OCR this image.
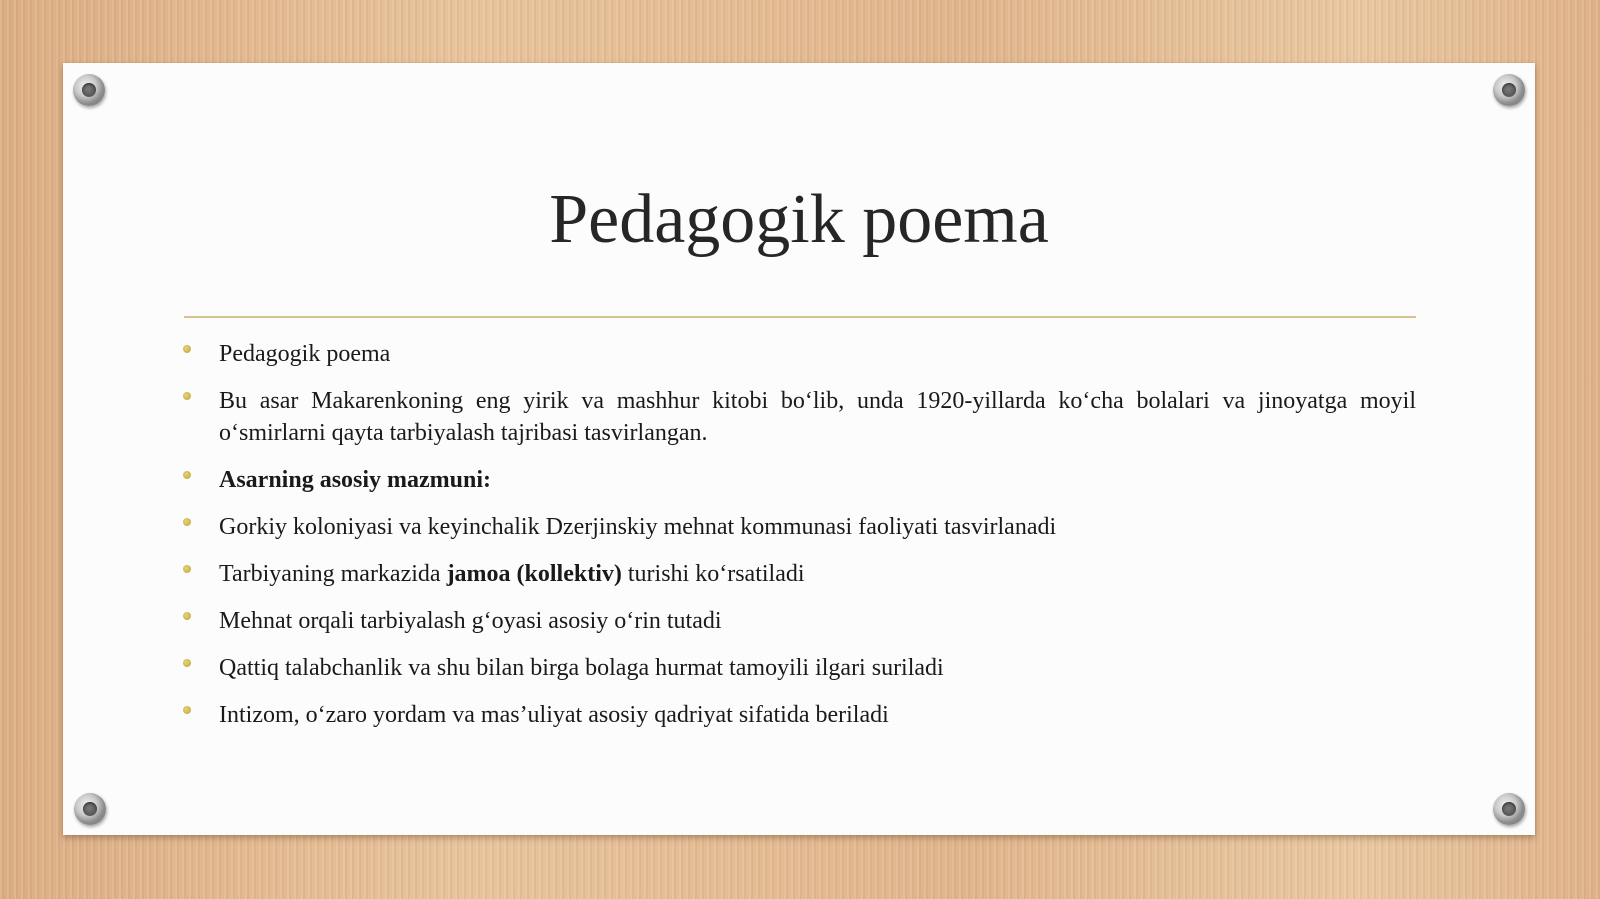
Pedagogik poema
Pedagogik poema
Bu asar Makarenkoning eng yirik va mashhur kitobi bo‘lib, unda 1920-yillarda ko‘cha bolalari va jinoyatga moyil o‘smirlarni qayta tarbiyalash tajribasi tasvirlangan.
Asarning asosiy mazmuni:
Gorkiy koloniyasi va keyinchalik Dzerjinskiy mehnat kommunasi faoliyati tasvirlanadi
Tarbiyaning markazida jamoa (kollektiv) turishi ko‘rsatiladi
Mehnat orqali tarbiyalash g‘oyasi asosiy o‘rin tutadi
Qattiq talabchanlik va shu bilan birga bolaga hurmat tamoyili ilgari suriladi
Intizom, o‘zaro yordam va mas’uliyat asosiy qadriyat sifatida beriladi
